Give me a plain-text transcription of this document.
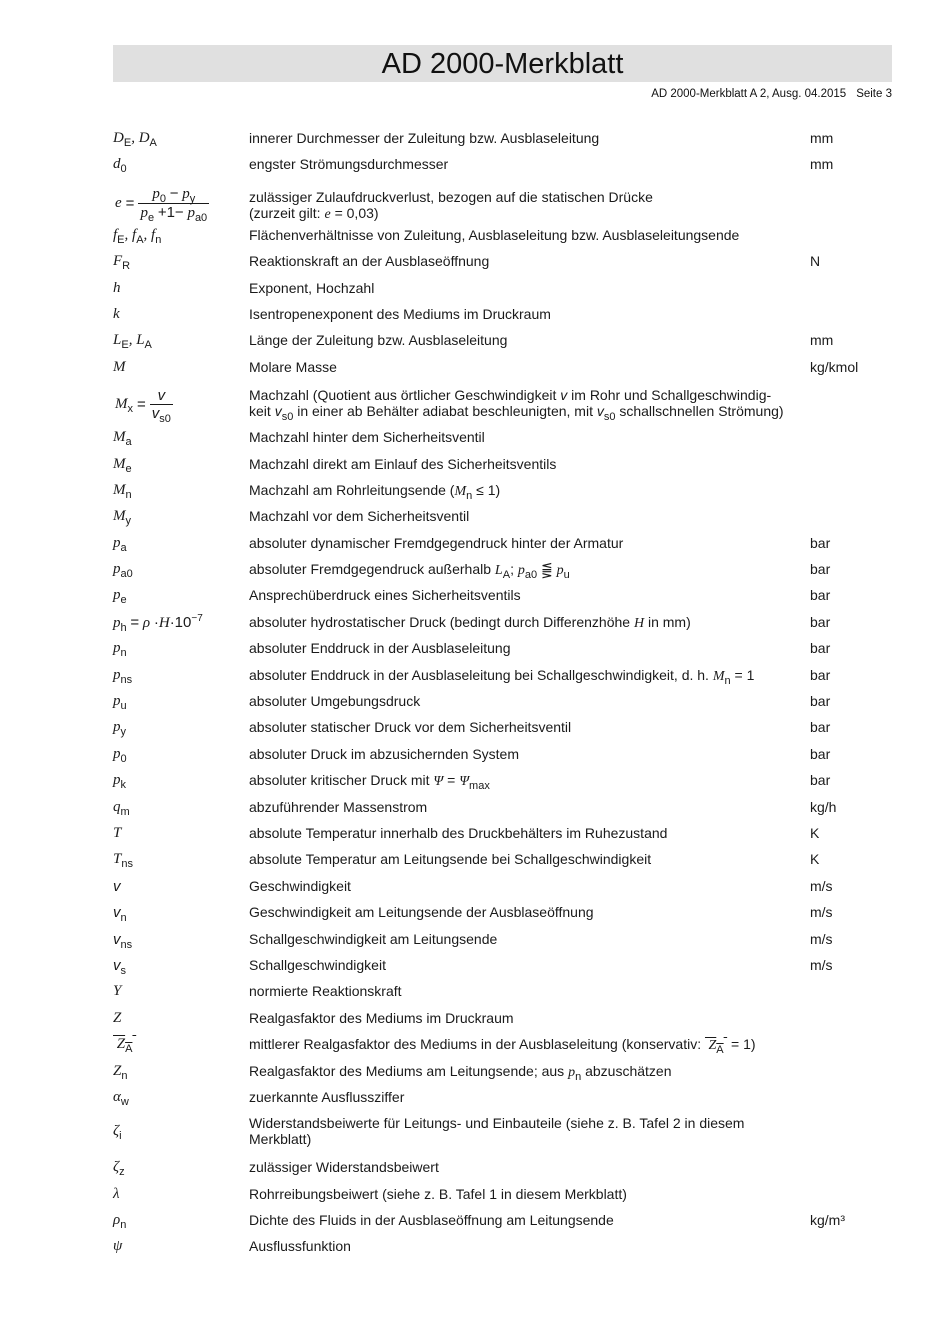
AD 2000-Merkblatt
AD 2000-Merkblatt A 2, Ausg. 04.2015 Seite 3
$D_E$, $D_A$	innerer Durchmesser der Zuleitung bzw. Ausblaseleitung	mm
$d_0$	engster Strömungsdurchmesser	mm

$e = \frac{p_0 - p_y}{p_e +1- p_{a0}}$	zulässiger Zulaufdruckverlust, bezogen auf die statischen Drücke
(zurzeit gilt: e = 0,03)	
$f_E$, $f_A$, $f_n$	Flächenverhältnisse von Zuleitung, Ausblaseleitung bzw. Ausblaseleitungsende	
$F_R$	Reaktionskraft an der Ausblaseöffnung	N
h	Exponent, Hochzahl	
k	Isentropenexponent des Mediums im Druckraum	
$L_E$, $L_A$	Länge der Zuleitung bzw. Ausblaseleitung	mm
M	Molare Masse	kg/kmol

$M_x = \frac{v}{v_{s0}}$	Machzahl (Quotient aus örtlicher Geschwindigkeit v im Rohr und Schallgeschwindig-
keit $v_{s0}$ in einer ab Behälter adiabat beschleunigten, mit $v_{s0}$ schallschnellen Strömung)	
$M_a$	Machzahl hinter dem Sicherheitsventil	
$M_e$	Machzahl direkt am Einlauf des Sicherheitsventils	
$M_n$	Machzahl am Rohrleitungsende $(M_n \le 1)$	
$M_y$	Machzahl vor dem Sicherheitsventil	
$p_a$	absoluter dynamischer Fremdgegendruck hinter der Armatur	bar
$p_{a0}$	absoluter Fremdgegendruck außerhalb $L_A$; $p_{a0}$ ⪋ $p_u$	bar
$p_e$	Ansprechüberdruck eines Sicherheitsventils	bar
$p_h = \rho \cdot H\cdot 10^{-7}$	absoluter hydrostatischer Druck (bedingt durch Differenzhöhe H in mm)	bar
$p_n$	absoluter Enddruck in der Ausblaseleitung	bar
$p_{ns}$	absoluter Enddruck in der Ausblaseleitung bei Schallgeschwindigkeit, d. h. $M_n = 1$	bar
$p_u$	absoluter Umgebungsdruck	bar
$p_y$	absoluter statischer Druck vor dem Sicherheitsventil	bar
$p_0$	absoluter Druck im abzusichernden System	bar
$p_k$	absoluter kritischer Druck mit $\Psi = \Psi_{max}$	bar
$q_m$	abzuführender Massenstrom	kg/h
T	absolute Temperatur innerhalb des Druckbehälters im Ruhezustand	K
$T_{ns}$	absolute Temperatur am Leitungsende bei Schallgeschwindigkeit	K
v	Geschwindigkeit	m/s
$v_n$	Geschwindigkeit am Leitungsende der Ausblaseöffnung	m/s
$v_{ns}$	Schallgeschwindigkeit am Leitungsende	m/s
$v_s$	Schallgeschwindigkeit	m/s
Y	normierte Reaktionskraft	
Z	Realgasfaktor des Mediums im Druckraum	
$Z_A$	mittlerer Realgasfaktor des Mediums in der Ausblaseleitung (konservativ:  $Z_A = 1$)	
$Z_n$	Realgasfaktor des Mediums am Leitungsende; aus $p_n$ abzuschätzen	
$\alpha_w$	zuerkannte Ausflussziffer	
$\zeta_i$	Widerstandsbeiwerte für Leitungs- und Einbauteile (siehe z. B. Tafel 2 in diesem
Merkblatt)	
$\zeta_z$	zulässiger Widerstandsbeiwert	
λ	Rohrreibungsbeiwert (siehe z. B. Tafel 1 in diesem Merkblatt)	
$\rho_n$	Dichte des Fluids in der Ausblaseöffnung am Leitungsende	kg/m³
ψ	Ausflussfunktion	
